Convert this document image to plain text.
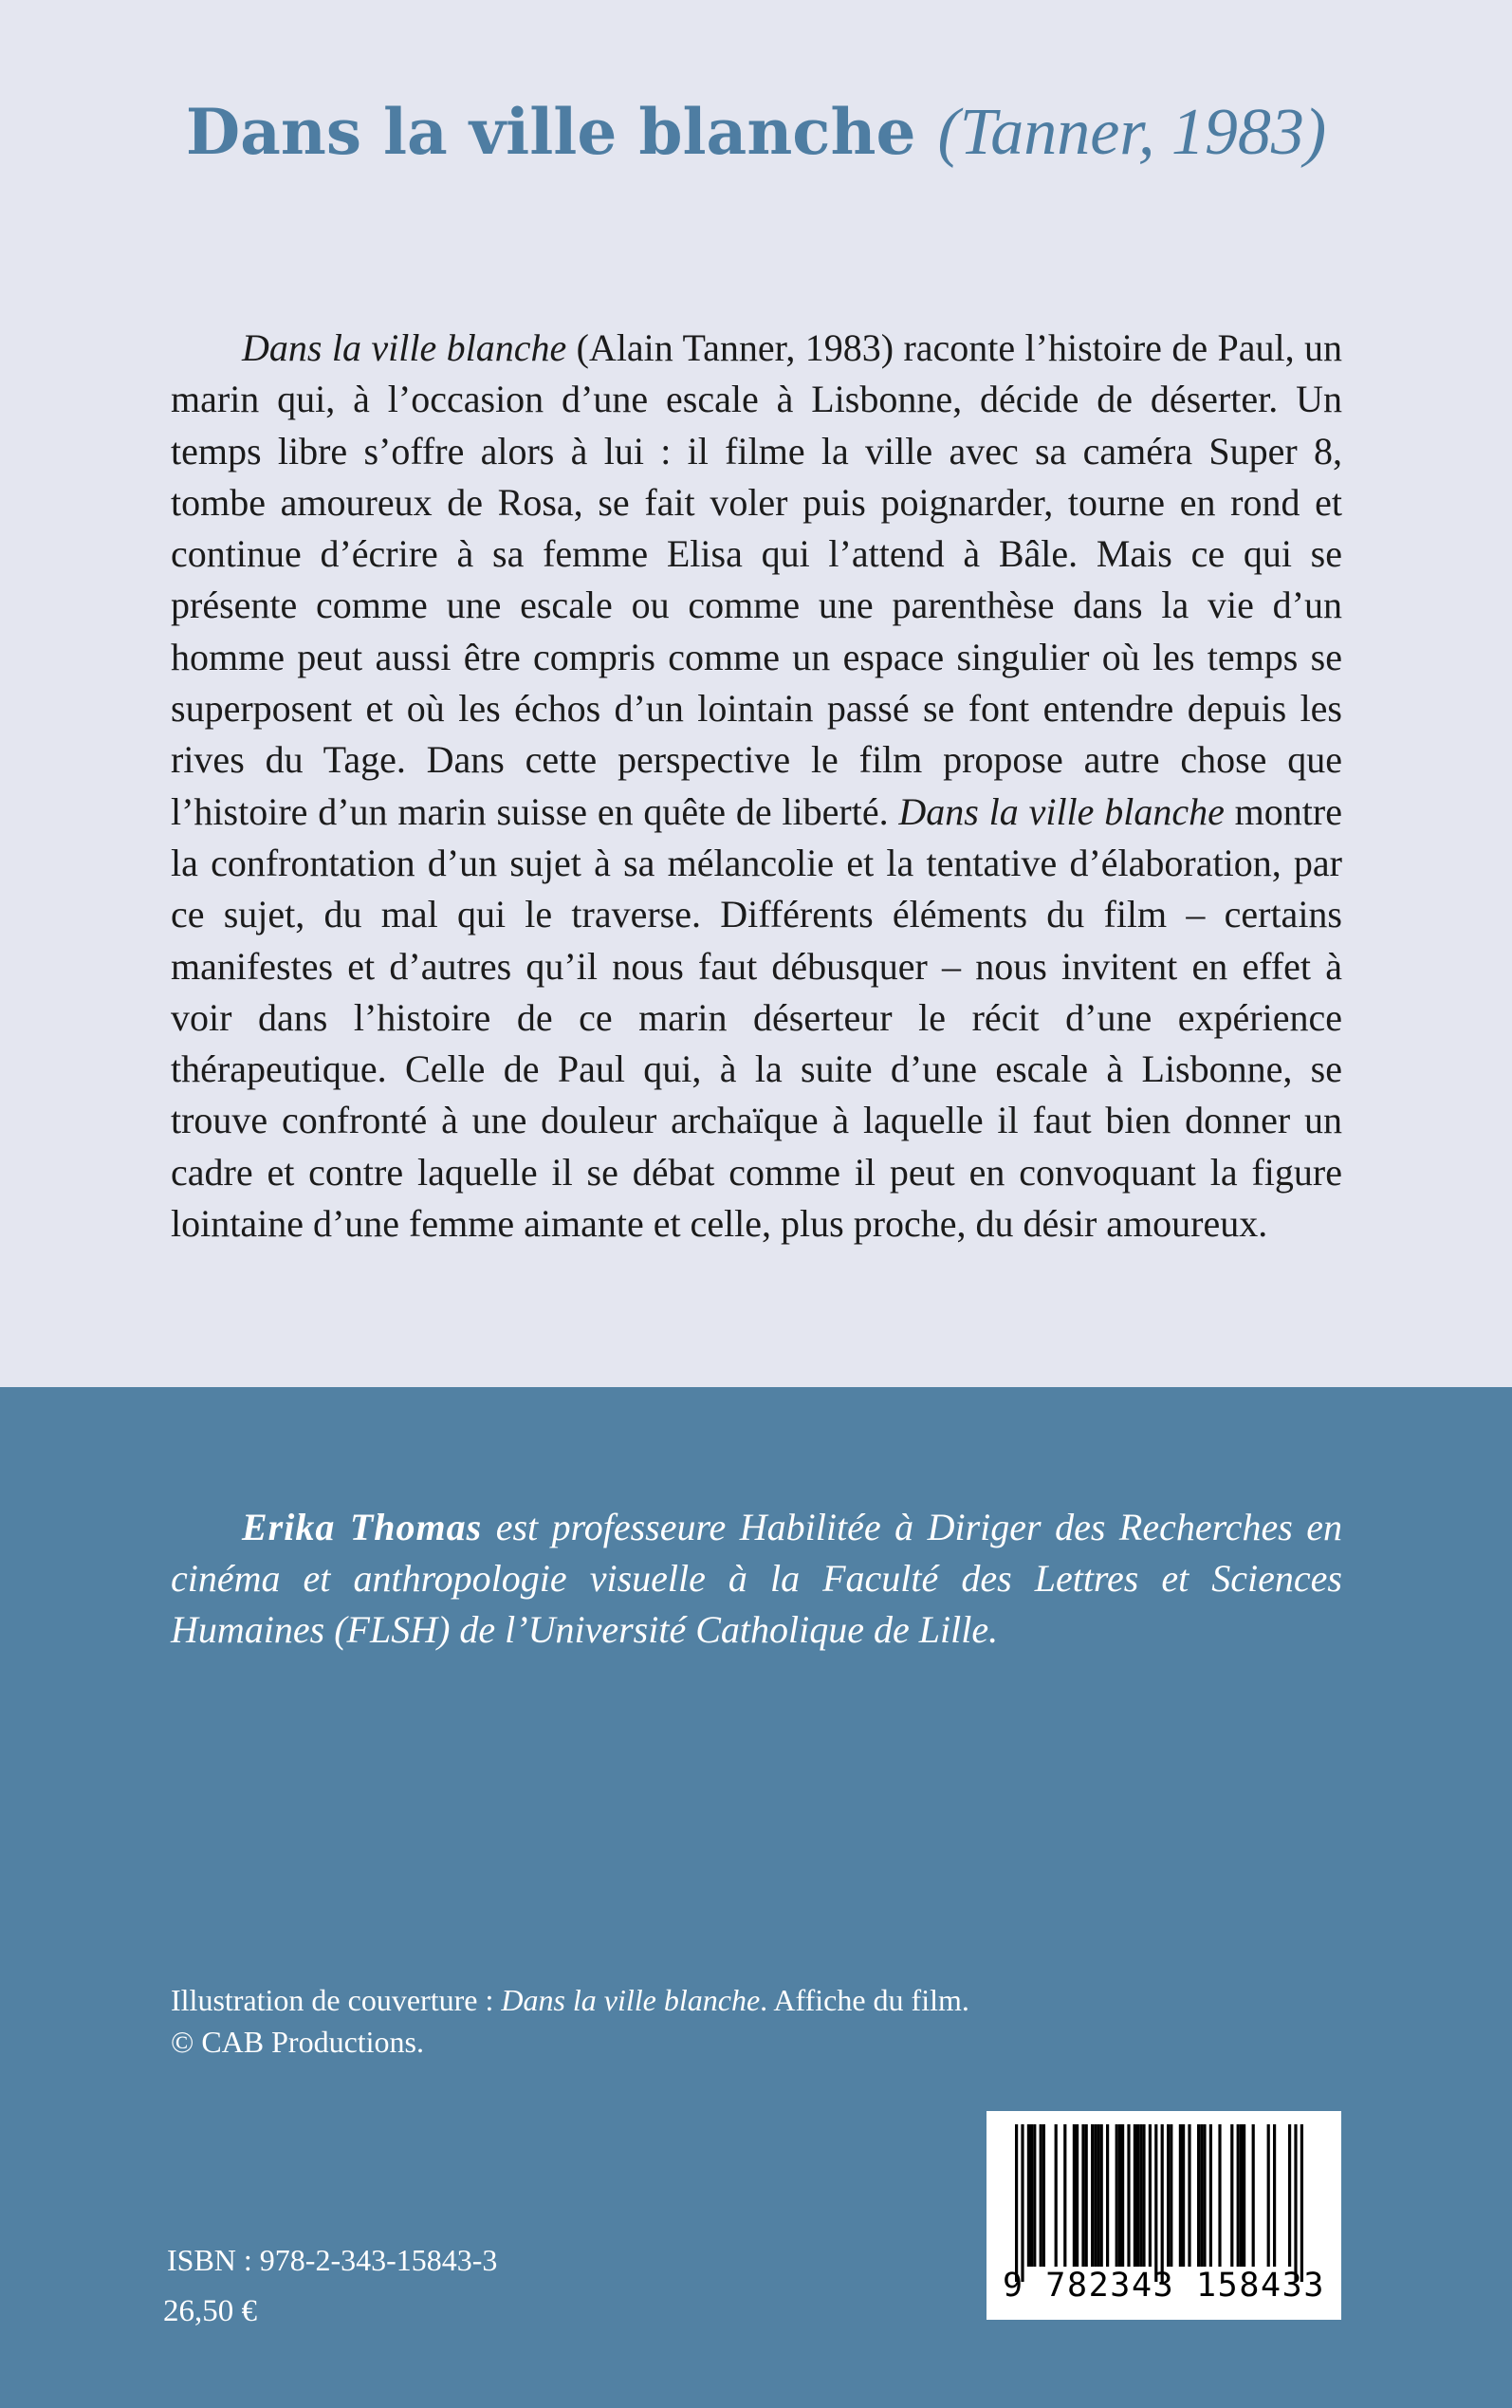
Dans la ville blanche (Tanner, 1983)

Dans la ville blanche (Alain Tanner, 1983) raconte l’histoire de Paul, un marin qui, à l’occasion d’une escale à Lisbonne, décide de déserter. Un temps libre s’offre alors à lui : il filme la ville avec sa caméra Super 8, tombe amoureux de Rosa, se fait voler puis poignarder, tourne en rond et continue d’écrire à sa femme Elisa qui l’attend à Bâle. Mais ce qui se présente comme une escale ou comme une parenthèse dans la vie d’un homme peut aussi être compris comme un espace singulier où les temps se superposent et où les échos d’un lointain passé se font entendre depuis les rives du Tage. Dans cette perspective le film propose autre chose que l’histoire d’un marin suisse en quête de liberté. Dans la ville blanche montre la confrontation d’un sujet à sa mélancolie et la tentative d’élaboration, par ce sujet, du mal qui le traverse. Différents éléments du film – certains manifestes et d’autres qu’il nous faut débusquer – nous invitent en effet à voir dans l’histoire de ce marin déserteur le récit d’une expérience thérapeutique. Celle de Paul qui, à la suite d’une escale à Lisbonne, se trouve confronté à une douleur archaïque à laquelle il faut bien donner un cadre et contre laquelle il se débat comme il peut en convoquant la figure lointaine d’une femme aimante et celle, plus proche, du désir amoureux.

Erika Thomas est professeure Habilitée à Diriger des Recherches en cinéma et anthropologie visuelle à la Faculté des Lettres et Sciences Humaines (FLSH) de l’Université Catholique de Lille.

Illustration de couverture : Dans la ville blanche. Affiche du film.
© CAB Productions.

ISBN : 978-2-343-15843-3
26,50 €
9 782343 158433
